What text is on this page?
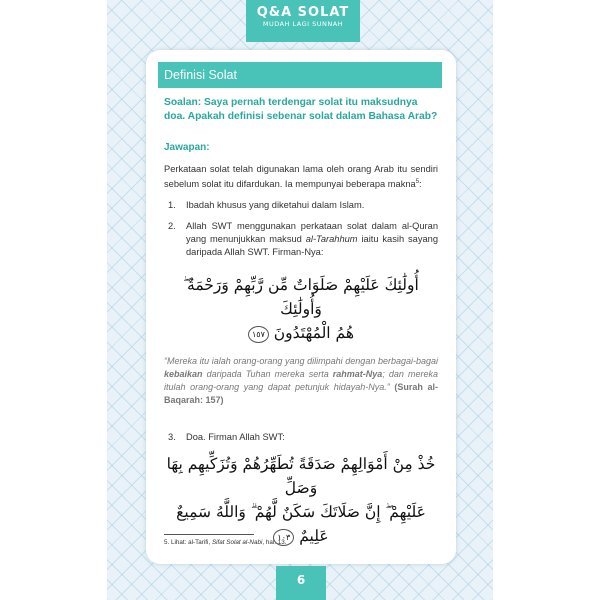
Q&A SOLAT
MUDAH LAGI SUNNAH
Definisi Solat

Soalan: Saya pernah terdengar solat itu maksudnya doa. Apakah definisi sebenar solat dalam Bahasa Arab?

Jawapan:

Perkataan solat telah digunakan lama oleh orang Arab itu sendiri sebelum solat itu difardukan. Ia mempunyai beberapa makna$^5$:

1. Ibadah khusus yang diketahui dalam Islam.
2. Allah SWT menggunakan perkataan solat dalam al-Quran yang menunjukkan maksud al-Tarahhum iaitu kasih sayang daripada Allah SWT. Firman-Nya:
أُولَٰئِكَ عَلَيْهِمْ صَلَوَاتٌ مِّن رَّبِّهِمْ وَرَحْمَةٌ ۖ وَأُولَٰئِكَ
هُمُ الْمُهْتَدُونَ ١٥٧

“Mereka itu ialah orang-orang yang dilimpahi dengan berbagai-bagai kebaikan daripada Tuhan mereka serta rahmat-Nya; dan mereka itulah orang-orang yang dapat petunjuk hidayah-Nya.” (Surah al-Baqarah: 157)

3. Doa. Firman Allah SWT:
خُذْ مِنْ أَمْوَالِهِمْ صَدَقَةً تُطَهِّرُهُمْ وَتُزَكِّيهِم بِهَا وَصَلِّ
عَلَيْهِمْ ۖ إِنَّ صَلَاتَكَ سَكَنٌ لَّهُمْ ۗ وَاللَّهُ سَمِيعٌ عَلِيمٌ ١٠٣
5. Lihat: al-Tarifi, Sifat Solat al-Nabi, hal. 13.
6
